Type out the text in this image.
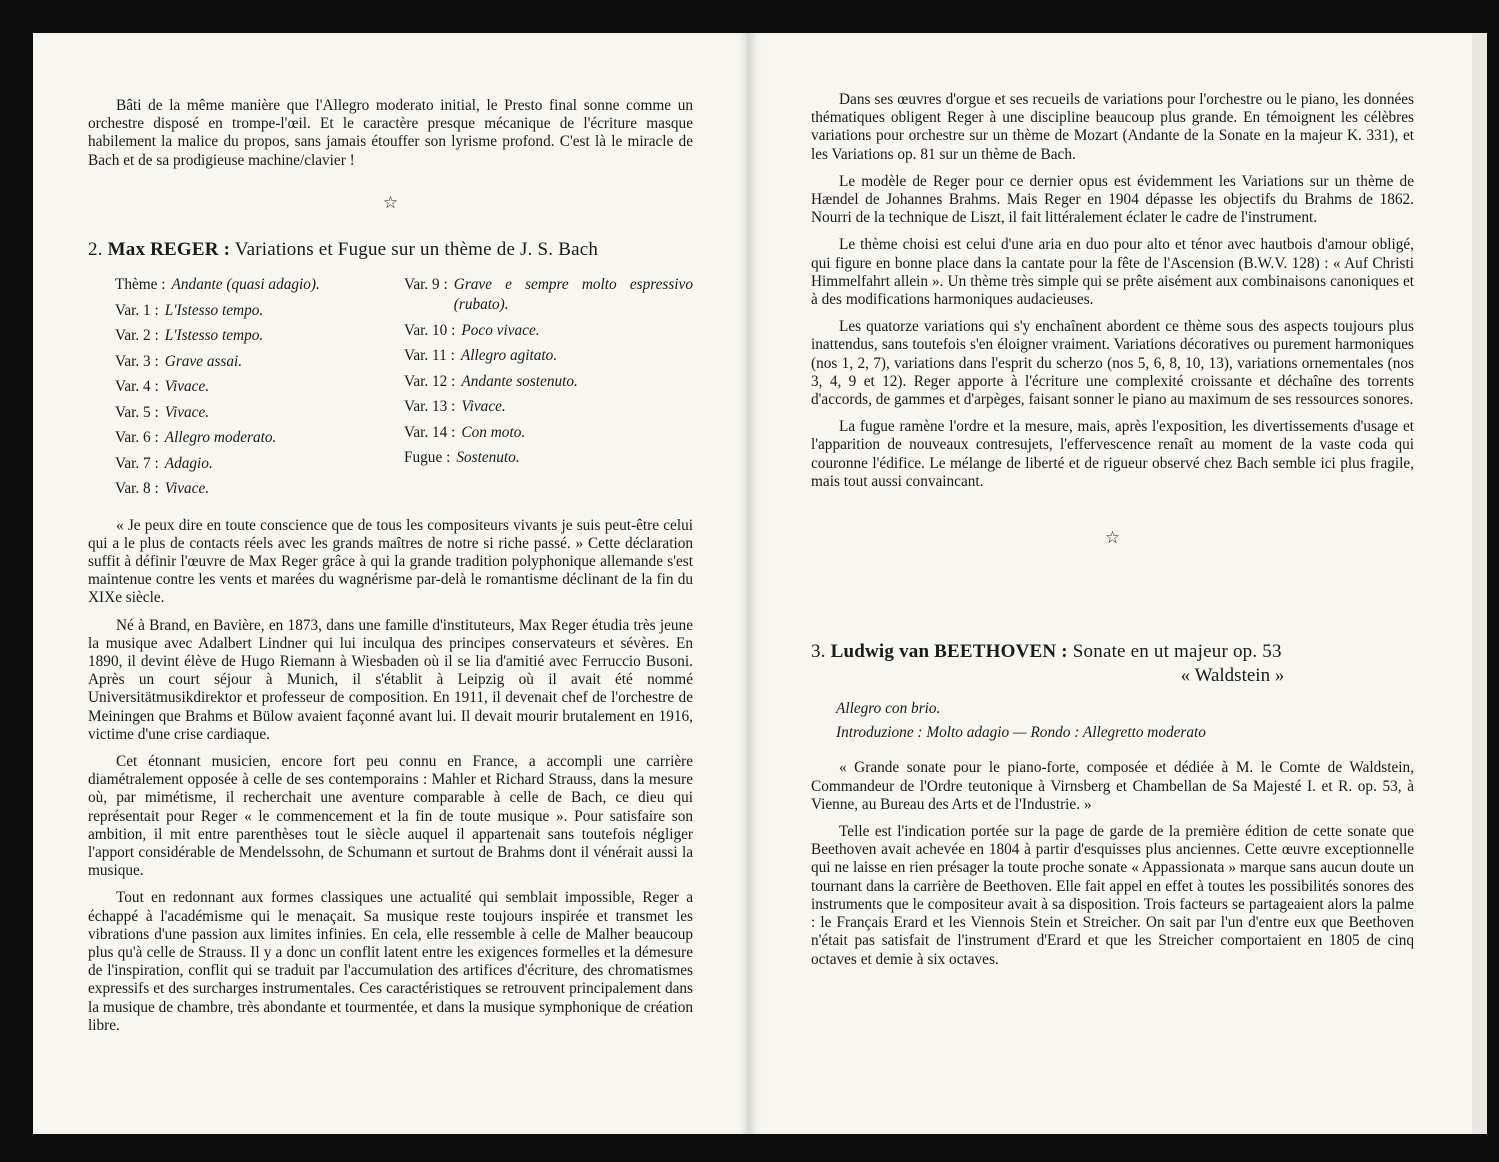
Bâti de la même manière que l'Allegro moderato initial, le Presto final sonne comme un orchestre disposé en trompe-l'œil. Et le caractère presque mécanique de l'écriture masque habilement la malice du propos, sans jamais étouffer son lyrisme profond. C'est là le miracle de Bach et de sa prodigieuse machine/clavier !

☆
2. Max REGER : Variations et Fugue sur un thème de J. S. Bach
Thème : Andante (quasi adagio).
Var. 1 : L'Istesso tempo.
Var. 2 : L'Istesso tempo.
Var. 3 : Grave assai.
Var. 4 : Vivace.
Var. 5 : Vivace.
Var. 6 : Allegro moderato.
Var. 7 : Adagio.
Var. 8 : Vivace.
Var. 9 : Grave e sempre molto espressivo (rubato).
Var. 10 : Poco vivace.
Var. 11 : Allegro agitato.
Var. 12 : Andante sostenuto.
Var. 13 : Vivace.
Var. 14 : Con moto.
Fugue : Sostenuto.

« Je peux dire en toute conscience que de tous les compositeurs vivants je suis peut-être celui qui a le plus de contacts réels avec les grands maîtres de notre si riche passé. » Cette déclaration suffit à définir l'œuvre de Max Reger grâce à qui la grande tradition polyphonique allemande s'est maintenue contre les vents et marées du wagnérisme par-delà le romantisme déclinant de la fin du XIXe siècle.

Né à Brand, en Bavière, en 1873, dans une famille d'instituteurs, Max Reger étudia très jeune la musique avec Adalbert Lindner qui lui inculqua des principes conservateurs et sévères. En 1890, il devint élève de Hugo Riemann à Wiesbaden où il se lia d'amitié avec Ferruccio Busoni. Après un court séjour à Munich, il s'établit à Leipzig où il avait été nommé Universitätmusikdirektor et professeur de composition. En 1911, il devenait chef de l'orchestre de Meiningen que Brahms et Bülow avaient façonné avant lui. Il devait mourir brutalement en 1916, victime d'une crise cardiaque.

Cet étonnant musicien, encore fort peu connu en France, a accompli une carrière diamétralement opposée à celle de ses contemporains : Mahler et Richard Strauss, dans la mesure où, par mimétisme, il recherchait une aventure comparable à celle de Bach, ce dieu qui représentait pour Reger « le commencement et la fin de toute musique ». Pour satisfaire son ambition, il mit entre parenthèses tout le siècle auquel il appartenait sans toutefois négliger l'apport considérable de Mendelssohn, de Schumann et surtout de Brahms dont il vénérait aussi la musique.

Tout en redonnant aux formes classiques une actualité qui semblait impossible, Reger a échappé à l'académisme qui le menaçait. Sa musique reste toujours inspirée et transmet les vibrations d'une passion aux limites infinies. En cela, elle ressemble à celle de Malher beaucoup plus qu'à celle de Strauss. Il y a donc un conflit latent entre les exigences formelles et la démesure de l'inspiration, conflit qui se traduit par l'accumulation des artifices d'écriture, des chromatismes expressifs et des surcharges instrumentales. Ces caractéristiques se retrouvent principalement dans la musique de chambre, très abondante et tourmentée, et dans la musique symphonique de création libre.

Dans ses œuvres d'orgue et ses recueils de variations pour l'orchestre ou le piano, les données thématiques obligent Reger à une discipline beaucoup plus grande. En témoignent les célèbres variations pour orchestre sur un thème de Mozart (Andante de la Sonate en la majeur K. 331), et les Variations op. 81 sur un thème de Bach.

Le modèle de Reger pour ce dernier opus est évidemment les Variations sur un thème de Hændel de Johannes Brahms. Mais Reger en 1904 dépasse les objectifs du Brahms de 1862. Nourri de la technique de Liszt, il fait littéralement éclater le cadre de l'instrument.

Le thème choisi est celui d'une aria en duo pour alto et ténor avec hautbois d'amour obligé, qui figure en bonne place dans la cantate pour la fête de l'Ascension (B.W.V. 128) : « Auf Christi Himmelfahrt allein ». Un thème très simple qui se prête aisément aux combinaisons canoniques et à des modifications harmoniques audacieuses.

Les quatorze variations qui s'y enchaînent abordent ce thème sous des aspects toujours plus inattendus, sans toutefois s'en éloigner vraiment. Variations décoratives ou purement harmoniques (nos 1, 2, 7), variations dans l'esprit du scherzo (nos 5, 6, 8, 10, 13), variations ornementales (nos 3, 4, 9 et 12). Reger apporte à l'écriture une complexité croissante et déchaîne des torrents d'accords, de gammes et d'arpèges, faisant sonner le piano au maximum de ses ressources sonores.

La fugue ramène l'ordre et la mesure, mais, après l'exposition, les divertissements d'usage et l'apparition de nouveaux contresujets, l'effervescence renaît au moment de la vaste coda qui couronne l'édifice. Le mélange de liberté et de rigueur observé chez Bach semble ici plus fragile, mais tout aussi convaincant.

☆
3. Ludwig van BEETHOVEN : Sonate en ut majeur op. 53
« Waldstein »
Allegro con brio.
Introduzione : Molto adagio — Rondo : Allegretto moderato

« Grande sonate pour le piano-forte, composée et dédiée à M. le Comte de Waldstein, Commandeur de l'Ordre teutonique à Virnsberg et Chambellan de Sa Majesté I. et R. op. 53, à Vienne, au Bureau des Arts et de l'Industrie. »

Telle est l'indication portée sur la page de garde de la première édition de cette sonate que Beethoven avait achevée en 1804 à partir d'esquisses plus anciennes. Cette œuvre exceptionnelle qui ne laisse en rien présager la toute proche sonate « Appassionata » marque sans aucun doute un tournant dans la carrière de Beethoven. Elle fait appel en effet à toutes les possibilités sonores des instruments que le compositeur avait à sa disposition. Trois facteurs se partageaient alors la palme : le Français Erard et les Viennois Stein et Streicher. On sait par l'un d'entre eux que Beethoven n'était pas satisfait de l'instrument d'Erard et que les Streicher comportaient en 1805 de cinq octaves et demie à six octaves.
